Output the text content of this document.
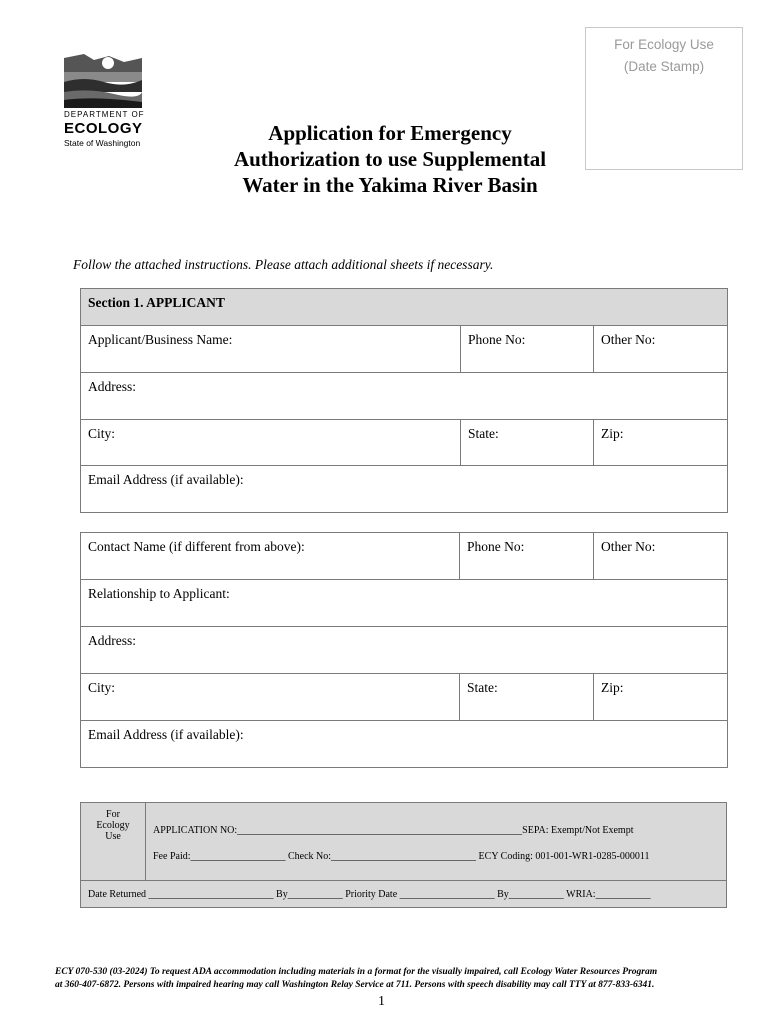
DEPARTMENT OF
ECOLOGY
State of Washington	Application for Emergency
Authorization to use Supplemental
Water in the Yakima River Basin
For Ecology Use
(Date Stamp)
Follow the attached instructions. Please attach additional sheets if necessary.
Section 1. APPLICANT		
Applicant/Business Name:	Phone No:	Other No:
Address:		
City:	State:	Zip:
Email Address (if available):		
Contact Name (if different from above):	Phone No:	Other No:
Relationship to Applicant:		
Address:		
City:	State:	Zip:
Email Address (if available):		
For
Ecology
Use
APPLICATION NO:_________________________________________________________SEPA: Exempt/Not Exempt
Fee Paid:___________________ Check No:_____________________________ ECY Coding: 001-001-WR1-0285-000011
Date Returned _________________________ By___________ Priority Date ___________________ By___________ WRIA:___________
ECY 070-530 (03-2024) To request ADA accommodation including materials in a format for the visually impaired, call Ecology Water Resources Program
at 360-407-6872. Persons with impaired hearing may call Washington Relay Service at 711. Persons with speech disability may call TTY at 877-833-6341.
1
